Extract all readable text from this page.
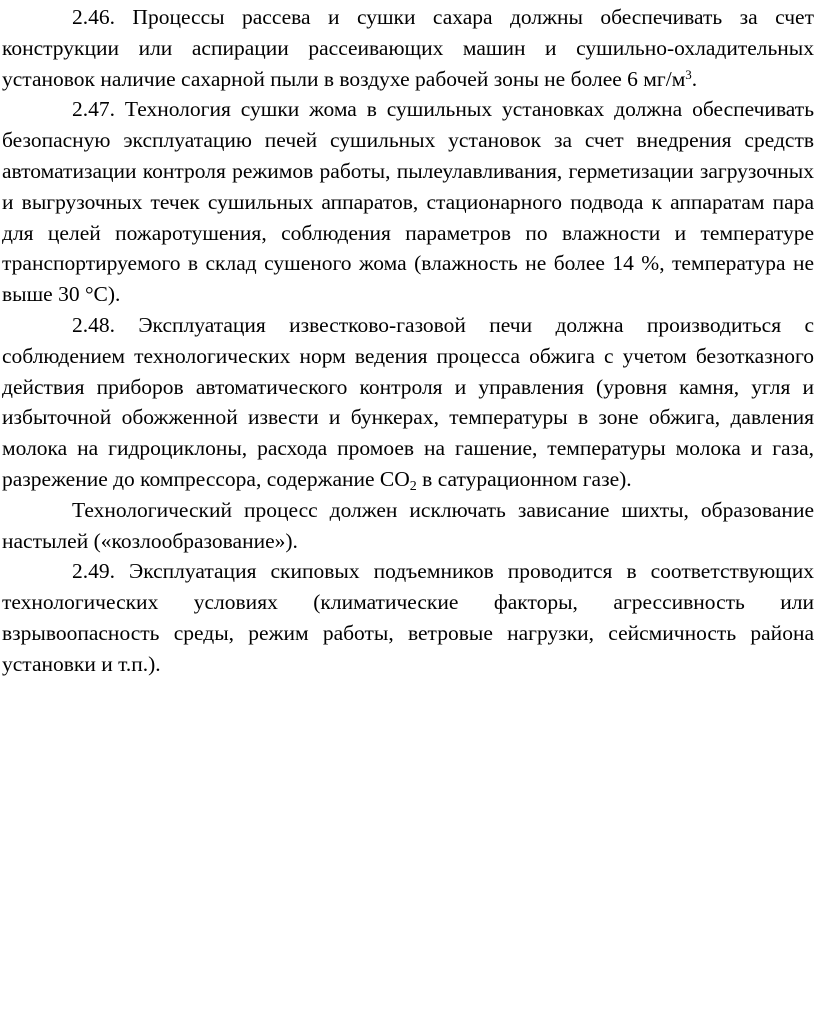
2.46. Процессы рассева и сушки сахара должны обеспечивать за счет конструкции или аспирации рассеивающих машин и сушильно-охладительных установок наличие сахарной пыли в воздухе рабочей зоны не более 6 $мг/м^3$.

2.47. Технология сушки жома в сушильных установках должна обеспечивать безопасную эксплуатацию печей сушильных установок за счет внедрения средств автоматизации контроля режимов работы, пылеулавливания, герметизации загрузочных и выгрузочных течек сушильных аппаратов, стационарного подвода к аппаратам пара для целей пожаротушения, соблюдения параметров по влажности и температуре транспортируемого в склад сушеного жома (влажность не более 14 %, температура не выше 30 °С).

2.48. Эксплуатация известково-газовой печи должна производиться с соблюдением технологических норм ведения процесса обжига с учетом безотказного действия приборов автоматического контроля и управления (уровня камня, угля и избыточной обожженной извести и бункерах, температуры в зоне обжига, давления молока на гидроциклоны, расхода промоев на гашение, температуры молока и газа, разрежение до компрессора, содержание $СО_2$ в сатурационном газе).

Технологический процесс должен исключать зависание шихты, образование настылей («козлообразование»).

2.49. Эксплуатация скиповых подъемников проводится в соответствующих технологических условиях (климатические факторы, агрессивность или взрывоопасность среды, режим работы, ветровые нагрузки, сейсмичность района установки и т.п.).
